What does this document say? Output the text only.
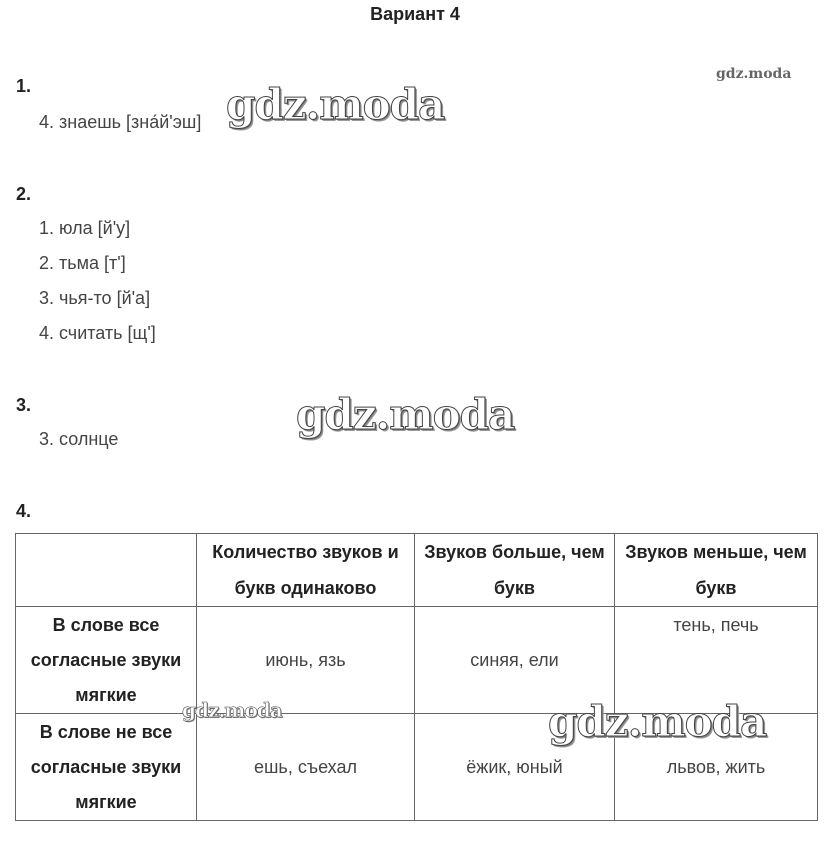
Вариант 4
1.
4. знаешь [зна́й'эш]
2.
1. юла [й'у]
2. тьма [т']
3. чья-то [й'а]
4. считать [щ']
3.
3. солнце
4.
	Количество звуков и букв одинаково	Звуков больше, чем букв	Звуков меньше, чем букв
В слове все согласные звуки мягкие	июнь, язь	синяя, ели	тень, печь
В слове не все согласные звуки мягкие	ешь, съехал	ёжик, юный	львов, жить
gdz.moda
gdz.moda
gdz.moda
gdz.moda	gdz.moda
